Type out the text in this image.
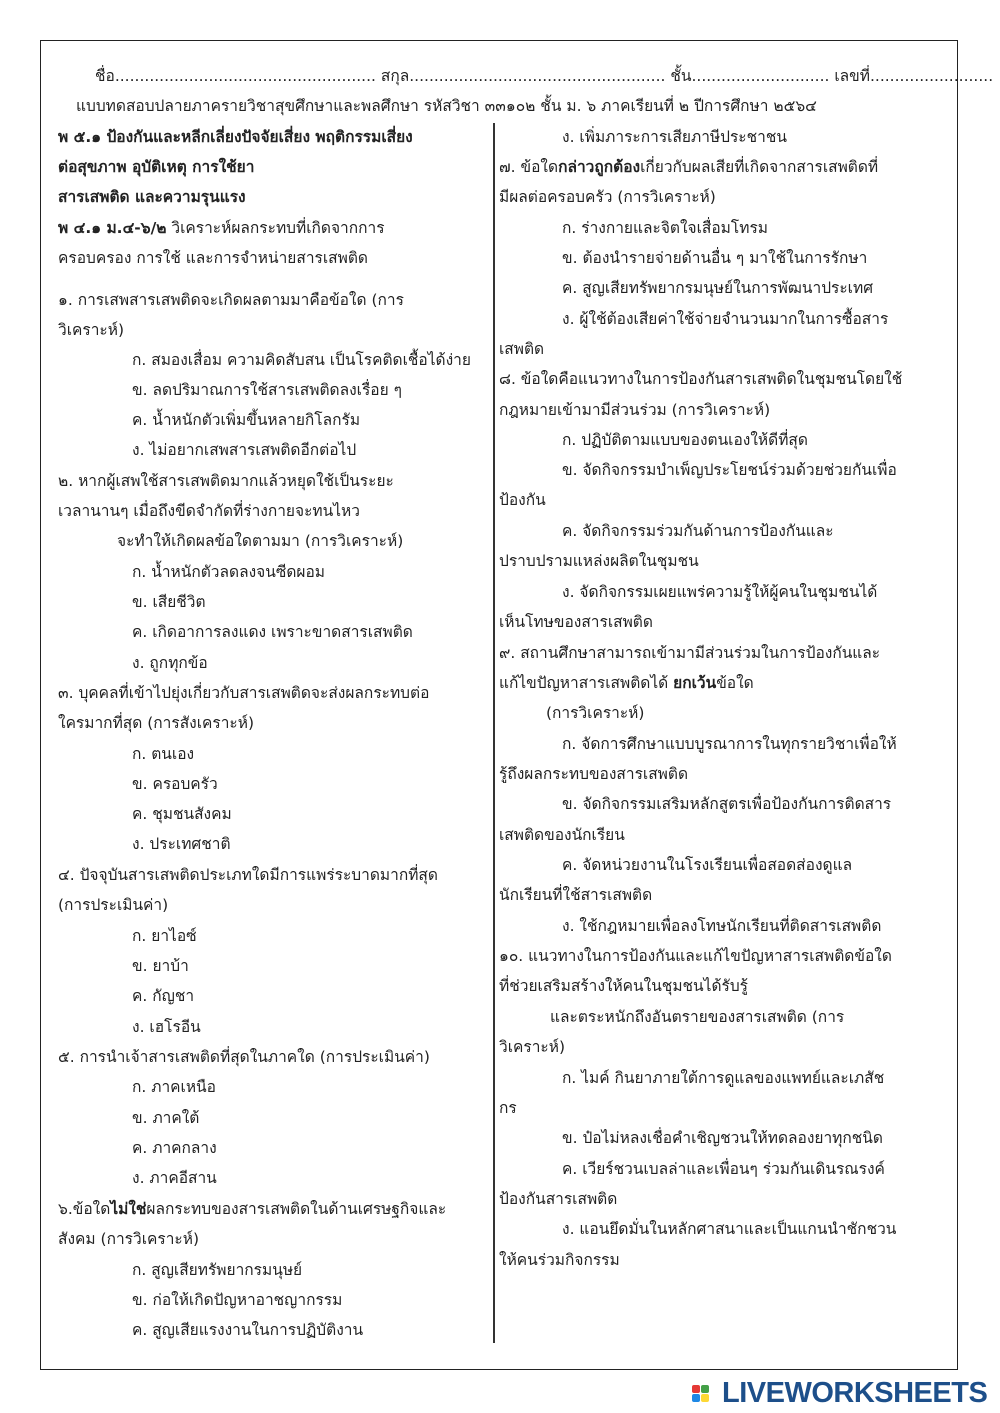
ชื่อ..................................................... สกุล.................................................... ชั้น............................ เลขที่.........................
แบบทดสอบปลายภาครายวิชาสุขศึกษาและพลศึกษา รหัสวิชา ๓๓๑๐๒ ชั้น ม. ๖ ภาคเรียนที่ ๒ ปีการศึกษา ๒๕๖๔
พ ๕.๑ ป้องกันและหลีกเลี่ยงปัจจัยเสี่ยง พฤติกรรมเสี่ยง
ต่อสุขภาพ อุบัติเหตุ การใช้ยา
สารเสพติด และความรุนแรง
พ ๔.๑ ม.๔-๖/๒ วิเคราะห์ผลกระทบที่เกิดจากการ
ครอบครอง การใช้ และการจำหน่ายสารเสพติด
๑. การเสพสารเสพติดจะเกิดผลตามมาคือข้อใด (การ
วิเคราะห์)
ก. สมองเสื่อม ความคิดสับสน เป็นโรคติดเชื้อได้ง่าย
ข. ลดปริมาณการใช้สารเสพติดลงเรื่อย ๆ
ค. น้ำหนักตัวเพิ่มขึ้นหลายกิโลกรัม
ง. ไม่อยากเสพสารเสพติดอีกต่อไป
๒. หากผู้เสพใช้สารเสพติดมากแล้วหยุดใช้เป็นระยะ
เวลานานๆ เมื่อถึงขีดจำกัดที่ร่างกายจะทนไหว
จะทำให้เกิดผลข้อใดตามมา (การวิเคราะห์)
ก. น้ำหนักตัวลดลงจนซีดผอม
ข. เสียชีวิต
ค. เกิดอาการลงแดง เพราะขาดสารเสพติด
ง. ถูกทุกข้อ
๓. บุคคลที่เข้าไปยุ่งเกี่ยวกับสารเสพติดจะส่งผลกระทบต่อ
ใครมากที่สุด (การสังเคราะห์)
ก. ตนเอง
ข. ครอบครัว
ค. ชุมชนสังคม
ง. ประเทศชาติ
๔. ปัจจุบันสารเสพติดประเภทใดมีการแพร่ระบาดมากที่สุด
(การประเมินค่า)
ก. ยาไอซ์
ข. ยาบ้า
ค. กัญชา
ง. เฮโรอีน
๕. การนำเจ้าสารเสพติดที่สุดในภาคใด (การประเมินค่า)
ก. ภาคเหนือ
ข. ภาคใต้
ค. ภาคกลาง
ง. ภาคอีสาน
๖.ข้อใดไม่ใช่ผลกระทบของสารเสพติดในด้านเศรษฐกิจและ
สังคม (การวิเคราะห์)
ก. สูญเสียทรัพยากรมนุษย์
ข. ก่อให้เกิดปัญหาอาชญากรรม
ค. สูญเสียแรงงานในการปฏิบัติงาน
ง. เพิ่มภาระการเสียภาษีประชาชน
๗. ข้อใดกล่าวถูกต้องเกี่ยวกับผลเสียที่เกิดจากสารเสพติดที่
มีผลต่อครอบครัว (การวิเคราะห์)
ก. ร่างกายและจิตใจเสื่อมโทรม
ข. ต้องนำรายจ่ายด้านอื่น ๆ มาใช้ในการรักษา
ค. สูญเสียทรัพยากรมนุษย์ในการพัฒนาประเทศ
ง. ผู้ใช้ต้องเสียค่าใช้จ่ายจำนวนมากในการซื้อสาร
เสพติด
๘. ข้อใดคือแนวทางในการป้องกันสารเสพติดในชุมชนโดยใช้
กฎหมายเข้ามามีส่วนร่วม (การวิเคราะห์)
ก. ปฏิบัติตามแบบของตนเองให้ดีที่สุด
ข. จัดกิจกรรมบำเพ็ญประโยชน์ร่วมด้วยช่วยกันเพื่อ
ป้องกัน
ค. จัดกิจกรรมร่วมกันด้านการป้องกันและ
ปราบปรามแหล่งผลิตในชุมชน
ง. จัดกิจกรรมเผยแพร่ความรู้ให้ผู้คนในชุมชนได้
เห็นโทษของสารเสพติด
๙. สถานศึกษาสามารถเข้ามามีส่วนร่วมในการป้องกันและ
แก้ไขปัญหาสารเสพติดได้ ยกเว้นข้อใด
(การวิเคราะห์)
ก. จัดการศึกษาแบบบูรณาการในทุกรายวิชาเพื่อให้
รู้ถึงผลกระทบของสารเสพติด
ข. จัดกิจกรรมเสริมหลักสูตรเพื่อป้องกันการติดสาร
เสพติดของนักเรียน
ค. จัดหน่วยงานในโรงเรียนเพื่อสอดส่องดูแล
นักเรียนที่ใช้สารเสพติด
ง. ใช้กฎหมายเพื่อลงโทษนักเรียนที่ติดสารเสพติด
๑๐. แนวทางในการป้องกันและแก้ไขปัญหาสารเสพติดข้อใด
ที่ช่วยเสริมสร้างให้คนในชุมชนได้รับรู้
และตระหนักถึงอันตรายของสารเสพติด (การ
วิเคราะห์)
ก. ไมค์ กินยาภายใต้การดูแลของแพทย์และเภสัช
กร
ข. ป๋อไม่หลงเชื่อคำเชิญชวนให้ทดลองยาทุกชนิด
ค. เวียร์ชวนเบลล่าและเพื่อนๆ ร่วมกันเดินรณรงค์
ป้องกันสารเสพติด
ง. แอนยึดมั่นในหลักศาสนาและเป็นแกนนำชักชวน
ให้คนร่วมกิจกรรม
LIVEWORKSHEETS
